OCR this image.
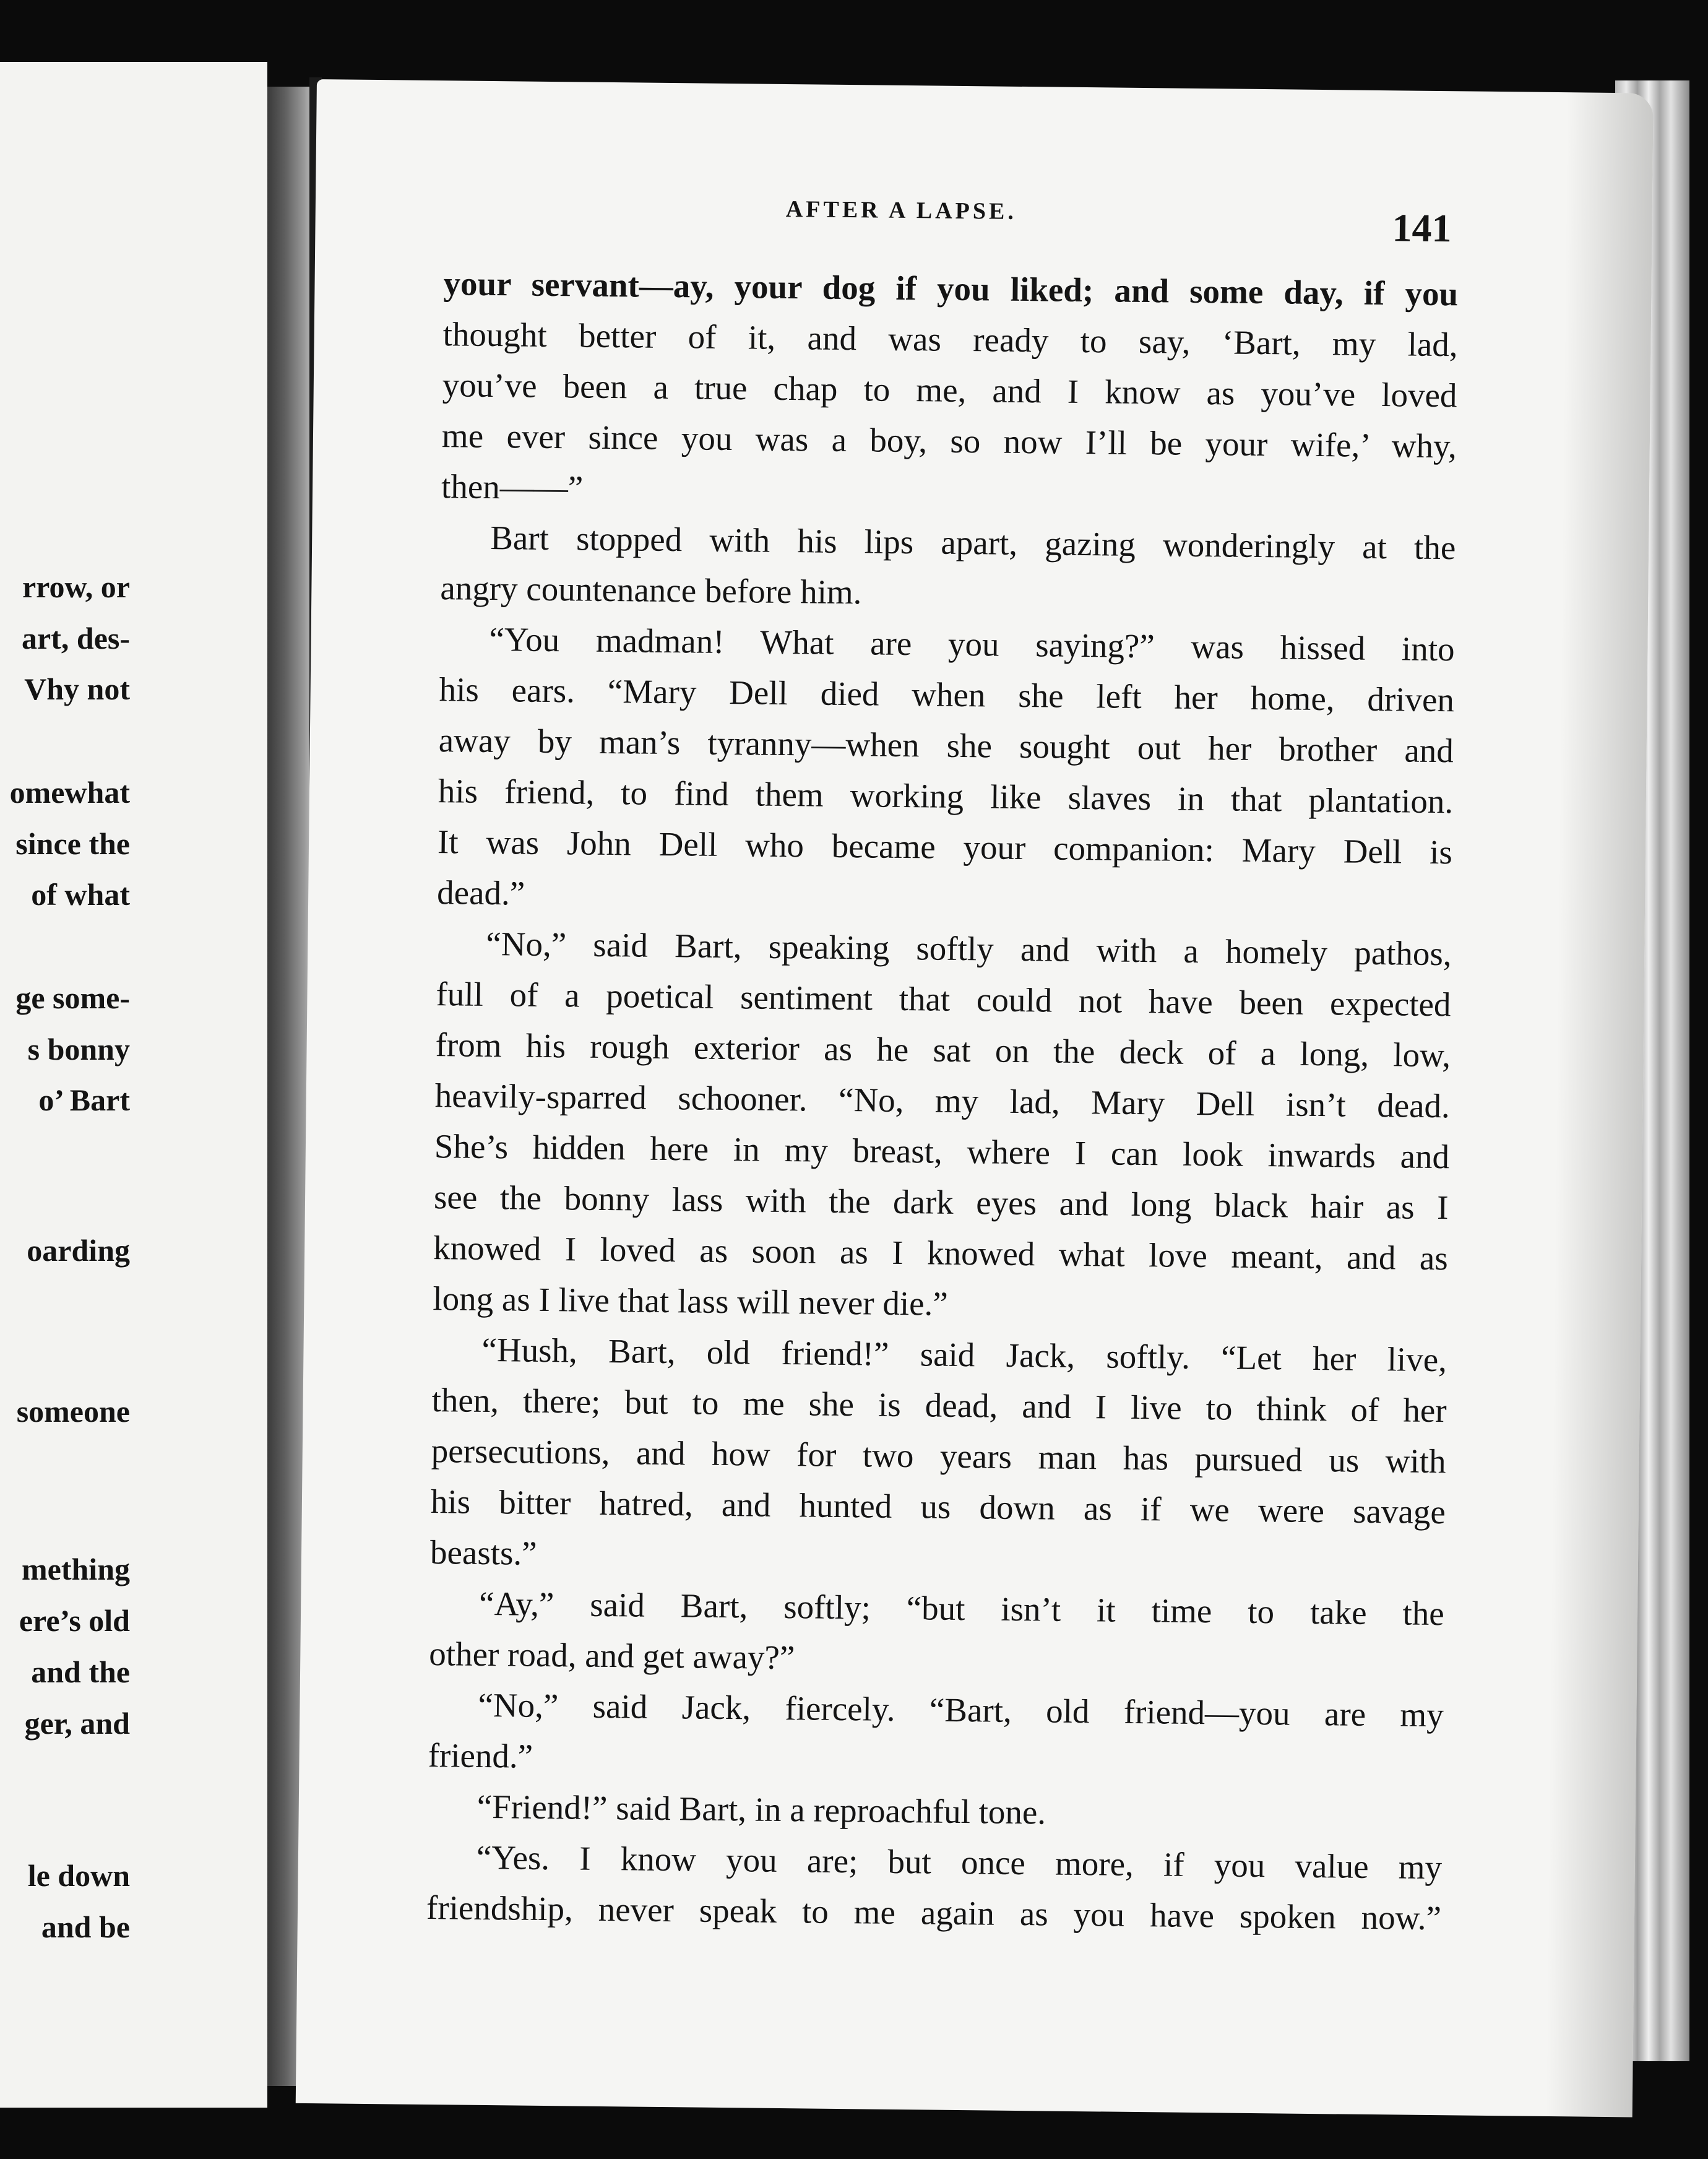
rrow, or
art, des-
Vhy not
omewhat
since the
of what
ge some-
s bonny
o’ Bart
oarding
someone
mething
ere’s old
and the
ger, and
le down
and be
AFTER A LAPSE.	141
your servant—ay, your dog if you liked; and some day, if you
thought better of it, and was ready to say, ‘Bart, my lad,
you’ve been a true chap to me, and I know as you’ve loved
me ever since you was a boy, so now I’ll be your wife,’ why,
then——”
Bart stopped with his lips apart, gazing wonderingly at the
angry countenance before him.
“You madman! What are you saying?” was hissed into
his ears. “Mary Dell died when she left her home, driven
away by man’s tyranny—when she sought out her brother and
his friend, to find them working like slaves in that plantation.
It was John Dell who became your companion: Mary Dell is
dead.”
“No,” said Bart, speaking softly and with a homely pathos,
full of a poetical sentiment that could not have been expected
from his rough exterior as he sat on the deck of a long, low,
heavily-sparred schooner. “No, my lad, Mary Dell isn’t dead.
She’s hidden here in my breast, where I can look inwards and
see the bonny lass with the dark eyes and long black hair as I
knowed I loved as soon as I knowed what love meant, and as
long as I live that lass will never die.”
“Hush, Bart, old friend!” said Jack, softly. “Let her live,
then, there; but to me she is dead, and I live to think of her
persecutions, and how for two years man has pursued us with
his bitter hatred, and hunted us down as if we were savage
beasts.”
“Ay,” said Bart, softly; “but isn’t it time to take the
other road, and get away?”
“No,” said Jack, fiercely. “Bart, old friend—you are my
friend.”
“Friend!” said Bart, in a reproachful tone.
“Yes. I know you are; but once more, if you value my
friendship, never speak to me again as you have spoken now.”
